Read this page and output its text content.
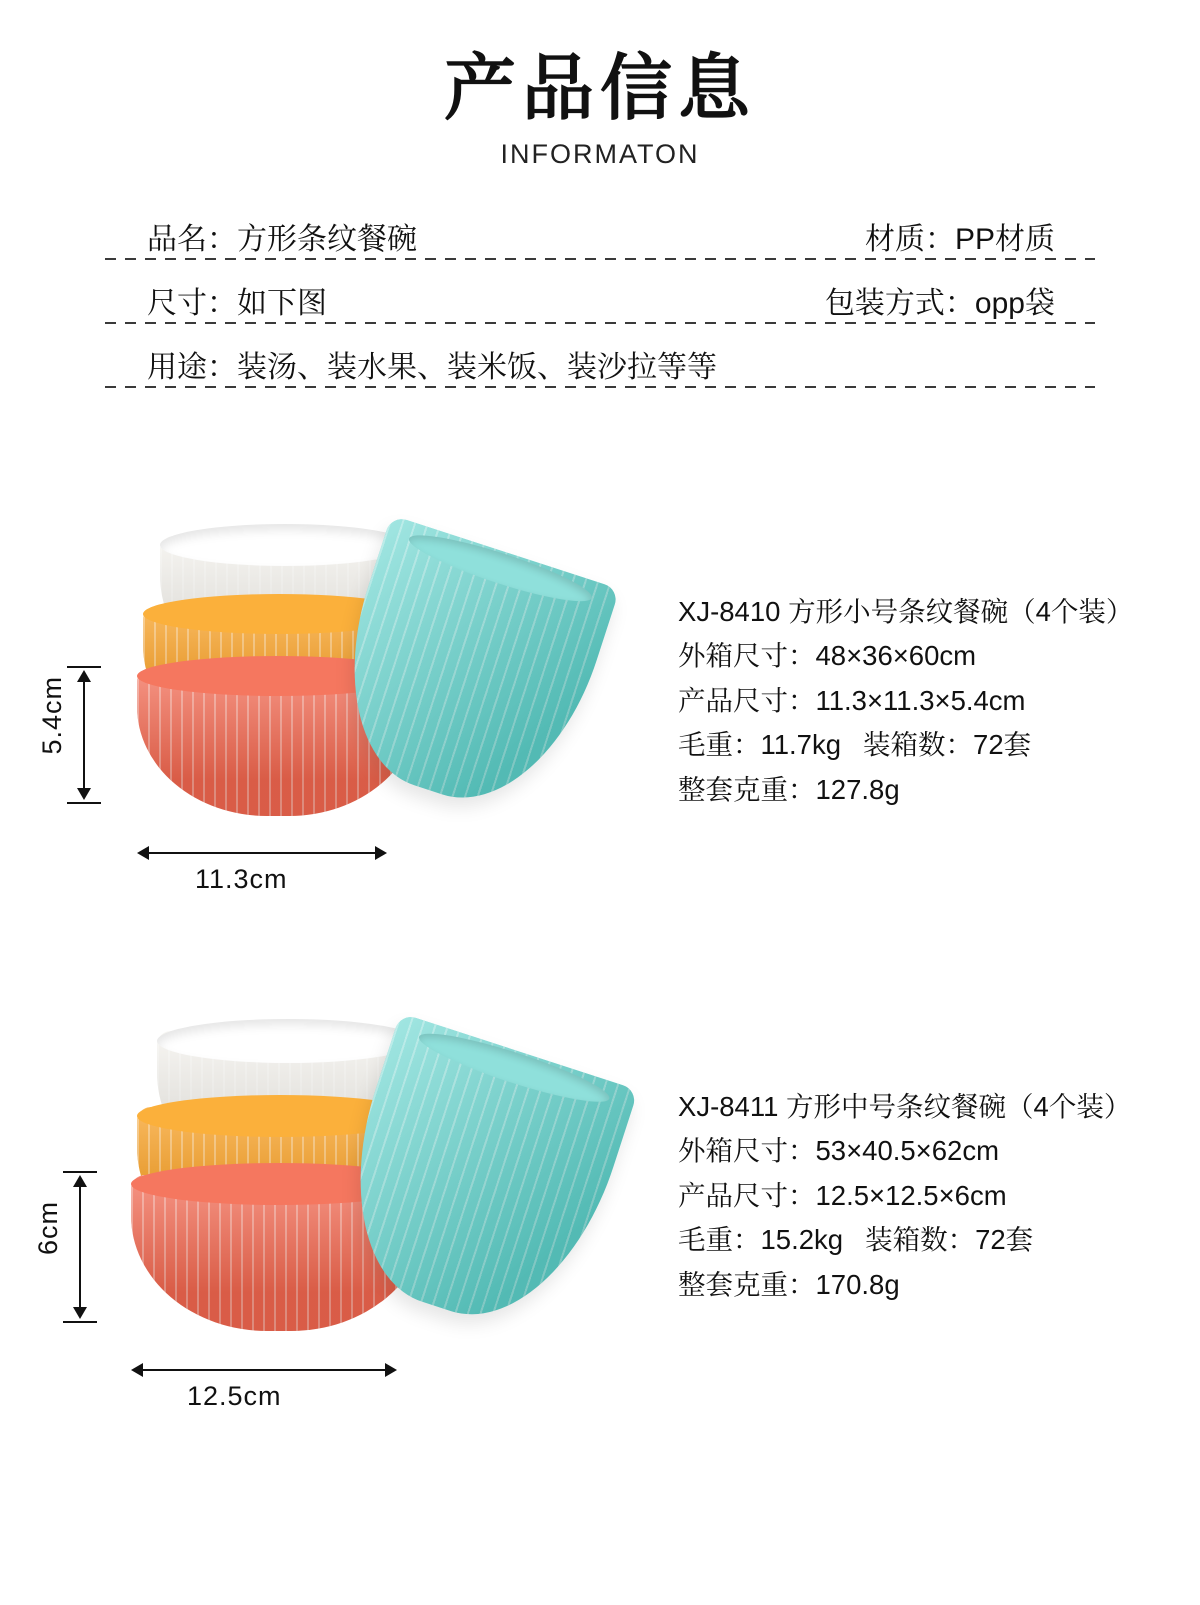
产品信息
INFORMATON
品名：方形条纹餐碗	材质：PP材质
尺寸：如下图	包装方式：opp袋
用途：装汤、装水果、装米饭、装沙拉等等
5.4cm
11.3cm
XJ-8410 方形小号条纹餐碗（4个装）
外箱尺寸：48×36×60cm
产品尺寸：11.3×11.3×5.4cm
毛重：11.7kg 装箱数：72套
整套克重：127.8g
6cm
12.5cm
XJ-8411 方形中号条纹餐碗（4个装）
外箱尺寸：53×40.5×62cm
产品尺寸：12.5×12.5×6cm
毛重：15.2kg 装箱数：72套
整套克重：170.8g
